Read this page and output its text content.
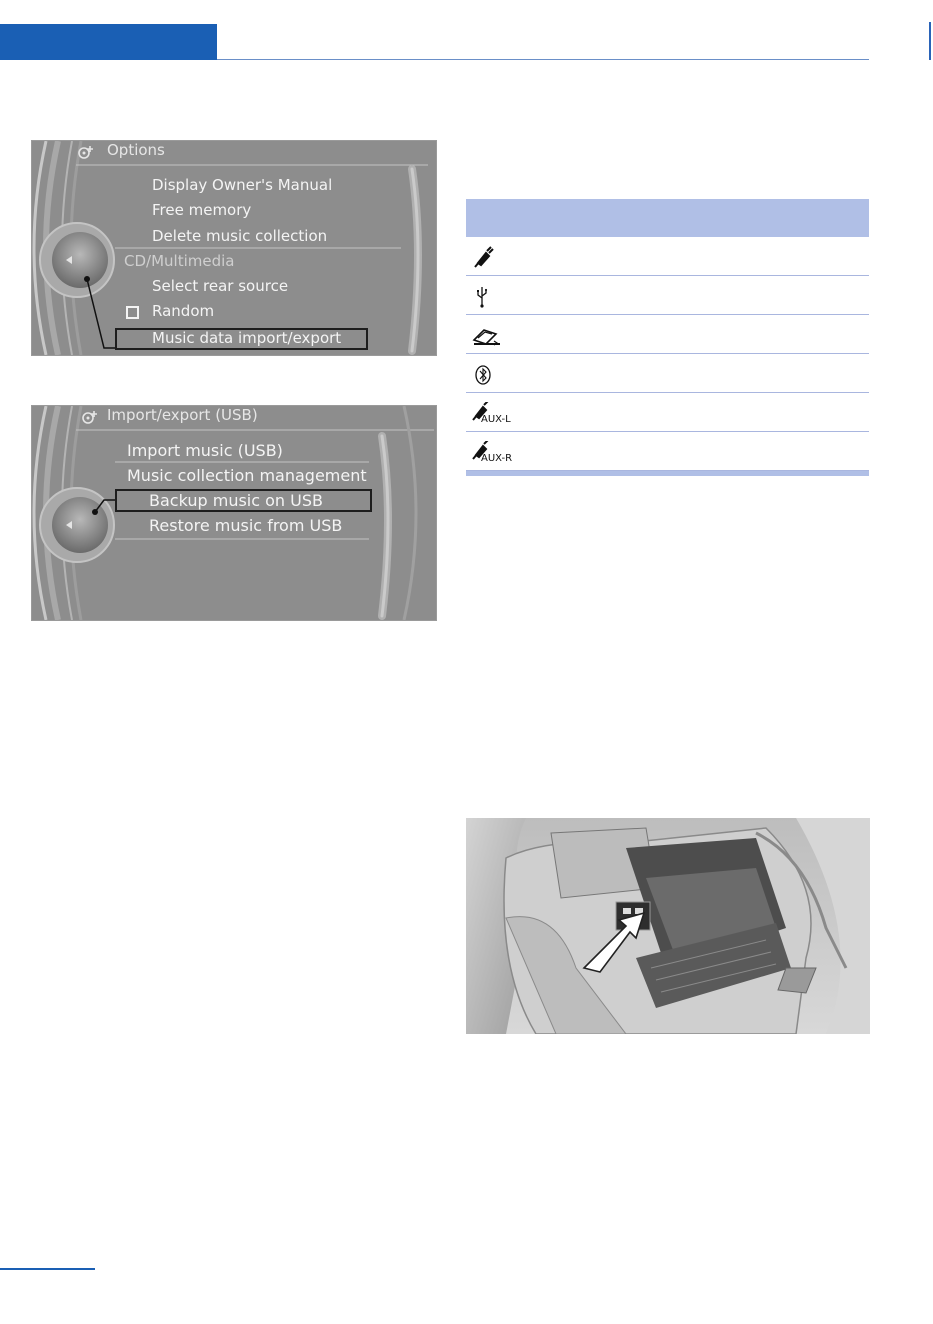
Options
Display Owner's Manual
Free memory
Delete music collection
CD/Multimedia
Select rear source
Random
Music data import/export
Import/export (USB)
Import music (USB)
Music collection management
Backup music on USB
Restore music from USB
AUX-L
AUX-R
